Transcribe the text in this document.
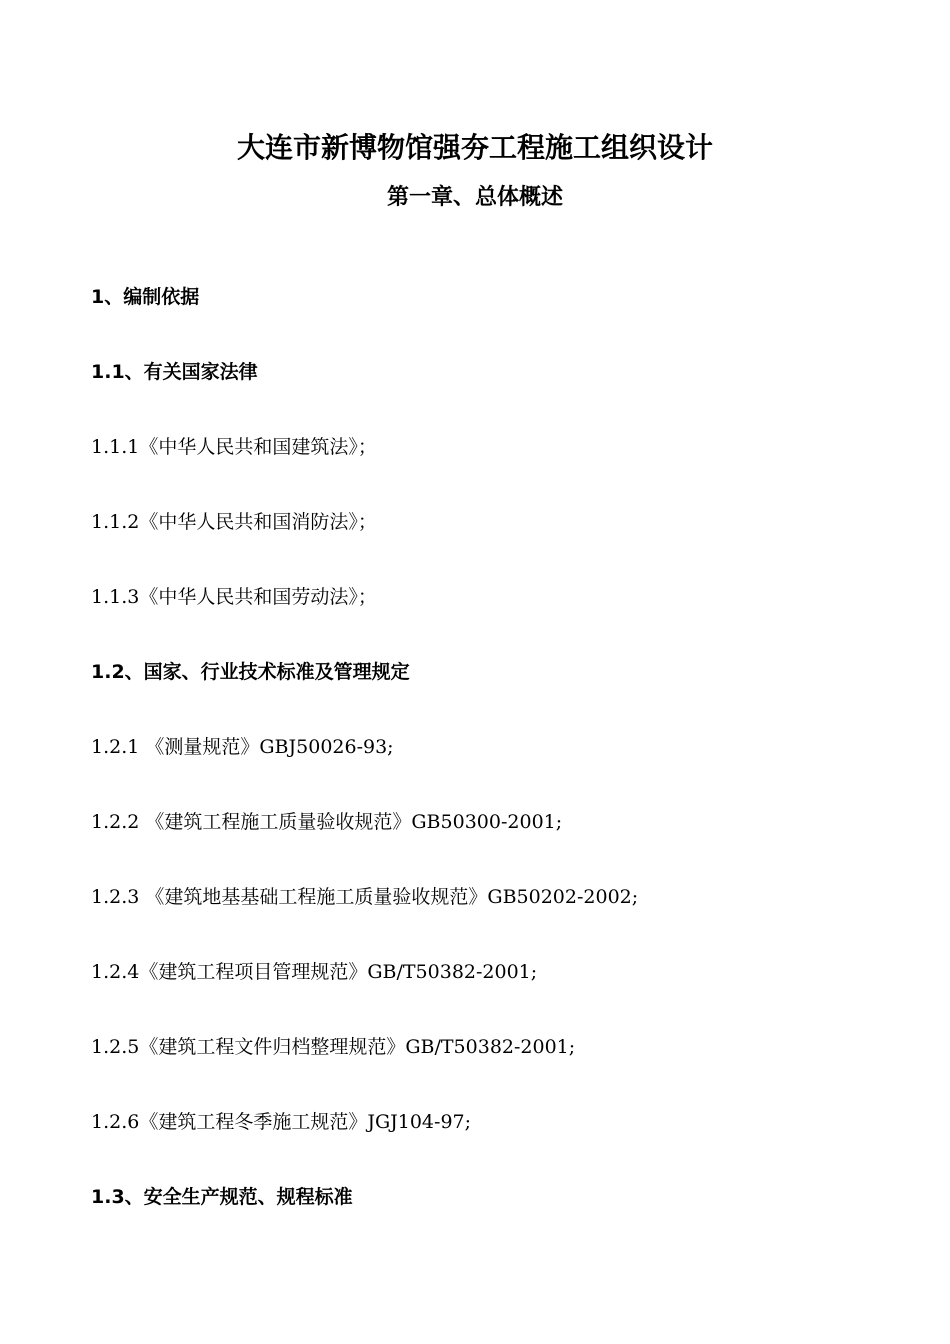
大连市新博物馆强夯工程施工组织设计
第一章、总体概述
1、编制依据
1.1、有关国家法律
1.1.1《中华人民共和国建筑法》；
1.1.2《中华人民共和国消防法》；
1.1.3《中华人民共和国劳动法》；
1.2、国家、行业技术标准及管理规定
1.2.1 《测量规范》GBJ50026-93;
1.2.2 《建筑工程施工质量验收规范》GB50300-2001;
1.2.3 《建筑地基基础工程施工质量验收规范》GB50202-2002;
1.2.4《建筑工程项目管理规范》GB/T50382-2001;
1.2.5《建筑工程文件归档整理规范》GB/T50382-2001;
1.2.6《建筑工程冬季施工规范》JGJ104-97;
1.3、安全生产规范、规程标准
